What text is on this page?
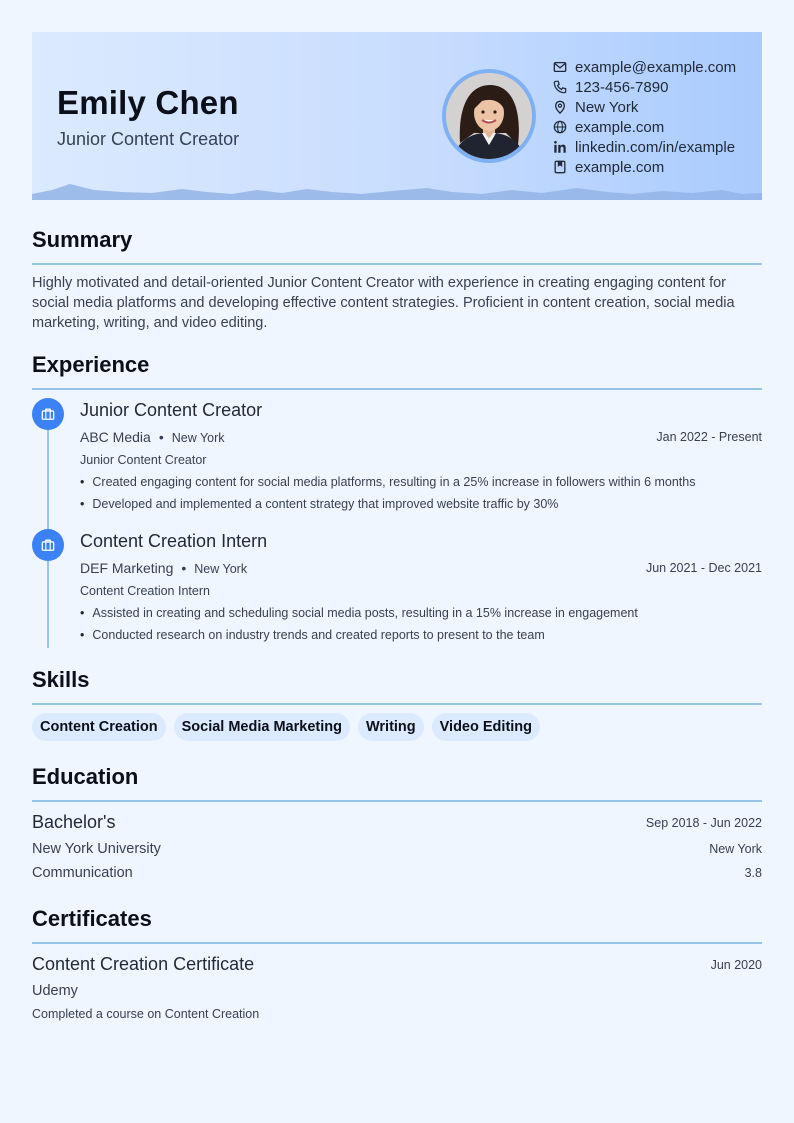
Emily Chen
Junior Content Creator
example@example.com
123-456-7890
New York
example.com
linkedin.com/in/example
example.com
Summary
Highly motivated and detail-oriented Junior Content Creator with experience in creating engaging content for social media platforms and developing effective content strategies. Proficient in content creation, social media marketing, writing, and video editing.
Experience
Junior Content Creator
ABC Media • New York	Jan 2022 - Present
Junior Content Creator
• Created engaging content for social media platforms, resulting in a 25% increase in followers within 6 months
• Developed and implemented a content strategy that improved website traffic by 30%
Content Creation Intern
DEF Marketing • New York	Jun 2021 - Dec 2021
Content Creation Intern
• Assisted in creating and scheduling social media posts, resulting in a 15% increase in engagement
• Conducted research on industry trends and created reports to present to the team
Skills
Content Creation	Social Media Marketing	Writing	Video Editing
Education
Bachelor's	Sep 2018 - Jun 2022
New York University	New York
Communication	3.8
Certificates
Content Creation Certificate	Jun 2020
Udemy
Completed a course on Content Creation
